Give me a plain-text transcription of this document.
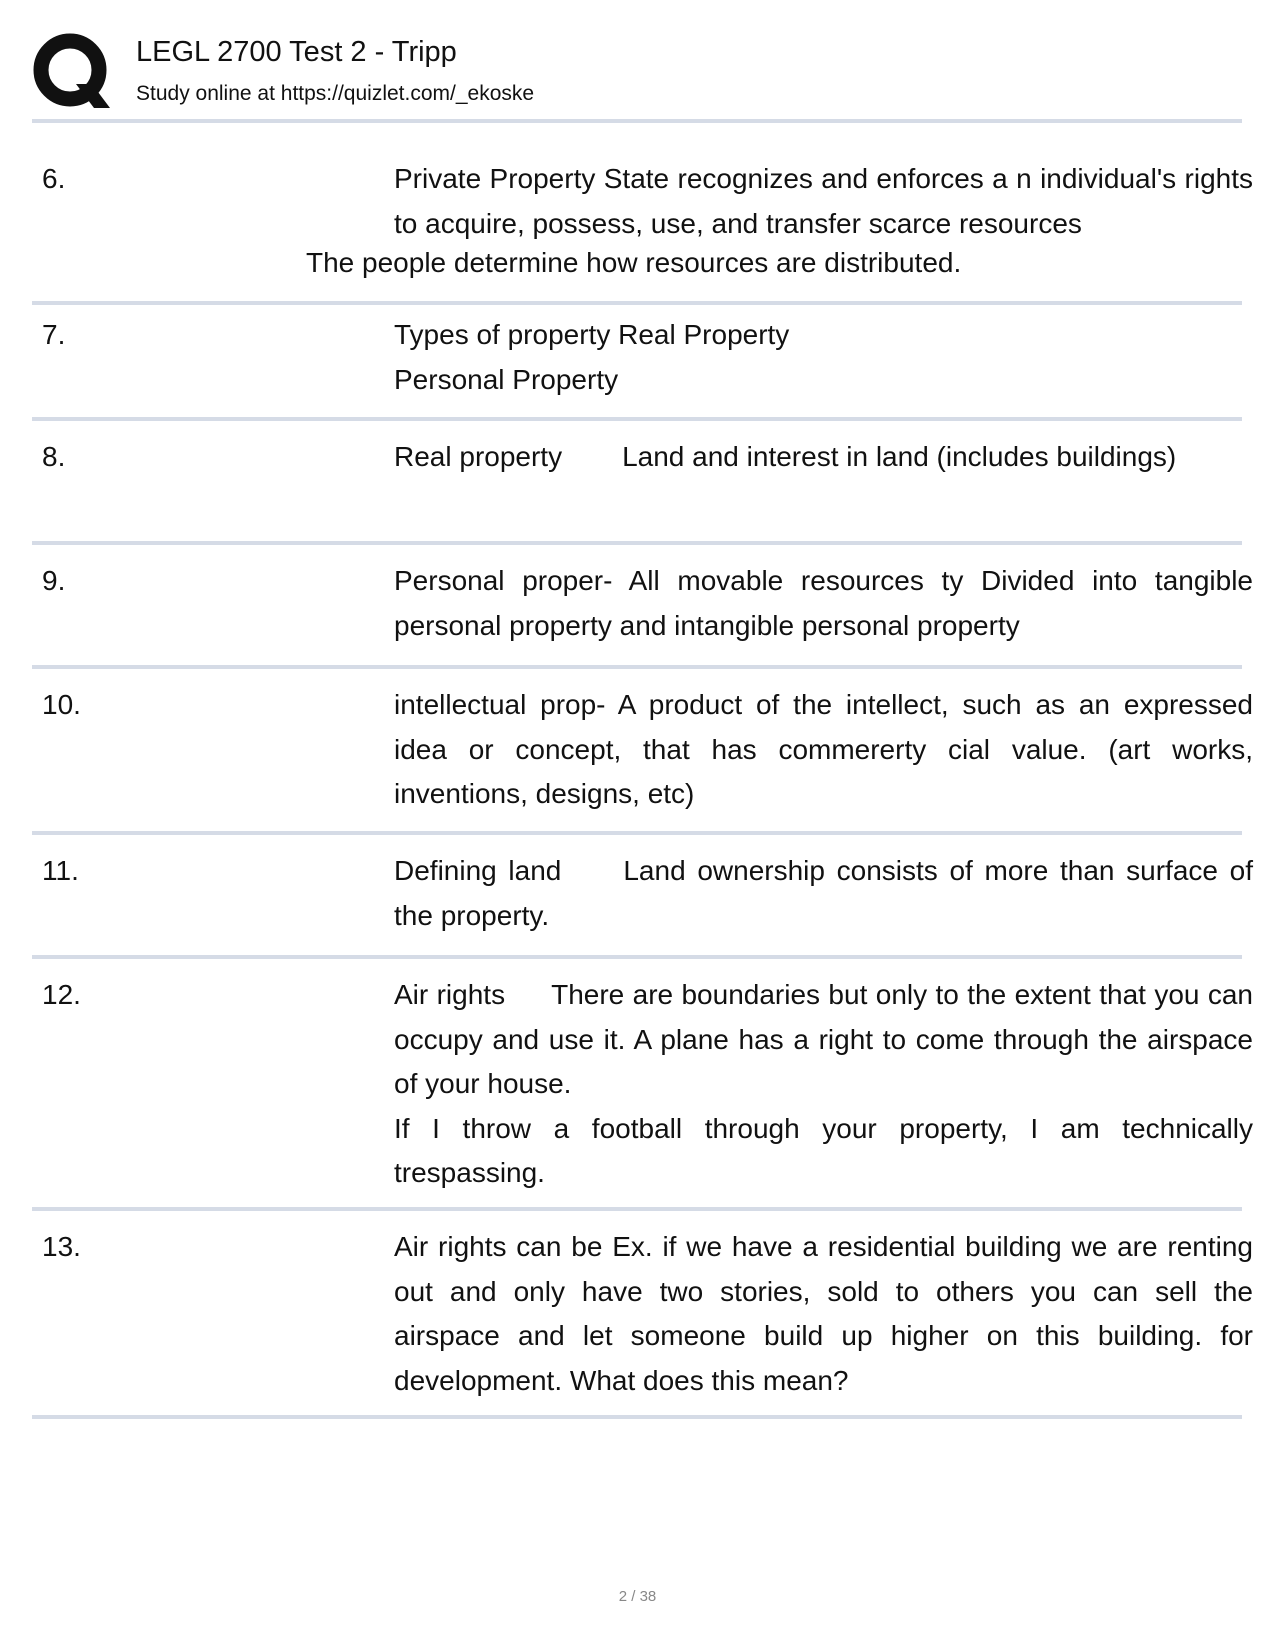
LEGL 2700 Test 2 - Tripp
Study online at https://quizlet.com/_ekoske
6.	Private Property State recognizes and enforces a n individual's rights to acquire, possess, use, and transfer scarce resources

The people determine how resources are distributed.
7.	Types of property Real Property

Personal Property

8.	Real property Land and interest in land (includes buildings)

9.	Personal proper- All movable resources ty Divided into tangible personal property and intangible personal property

10.	intellectual prop- A product of the intellect, such as an expressed idea or concept, that has commererty cial value. (art works, inventions, designs, etc)

11.	Defining land Land ownership consists of more than surface of the property.

12.	Air rights There are boundaries but only to the extent that you can occupy and use it. A plane has a right to come through the airspace of your house.

If I throw a football through your property, I am technically trespassing.

13.	Air rights can be Ex. if we have a residential building we are renting out and only have two stories, sold to others you can sell the airspace and let someone build up higher on this building. for development. What does this mean?

2 / 38
